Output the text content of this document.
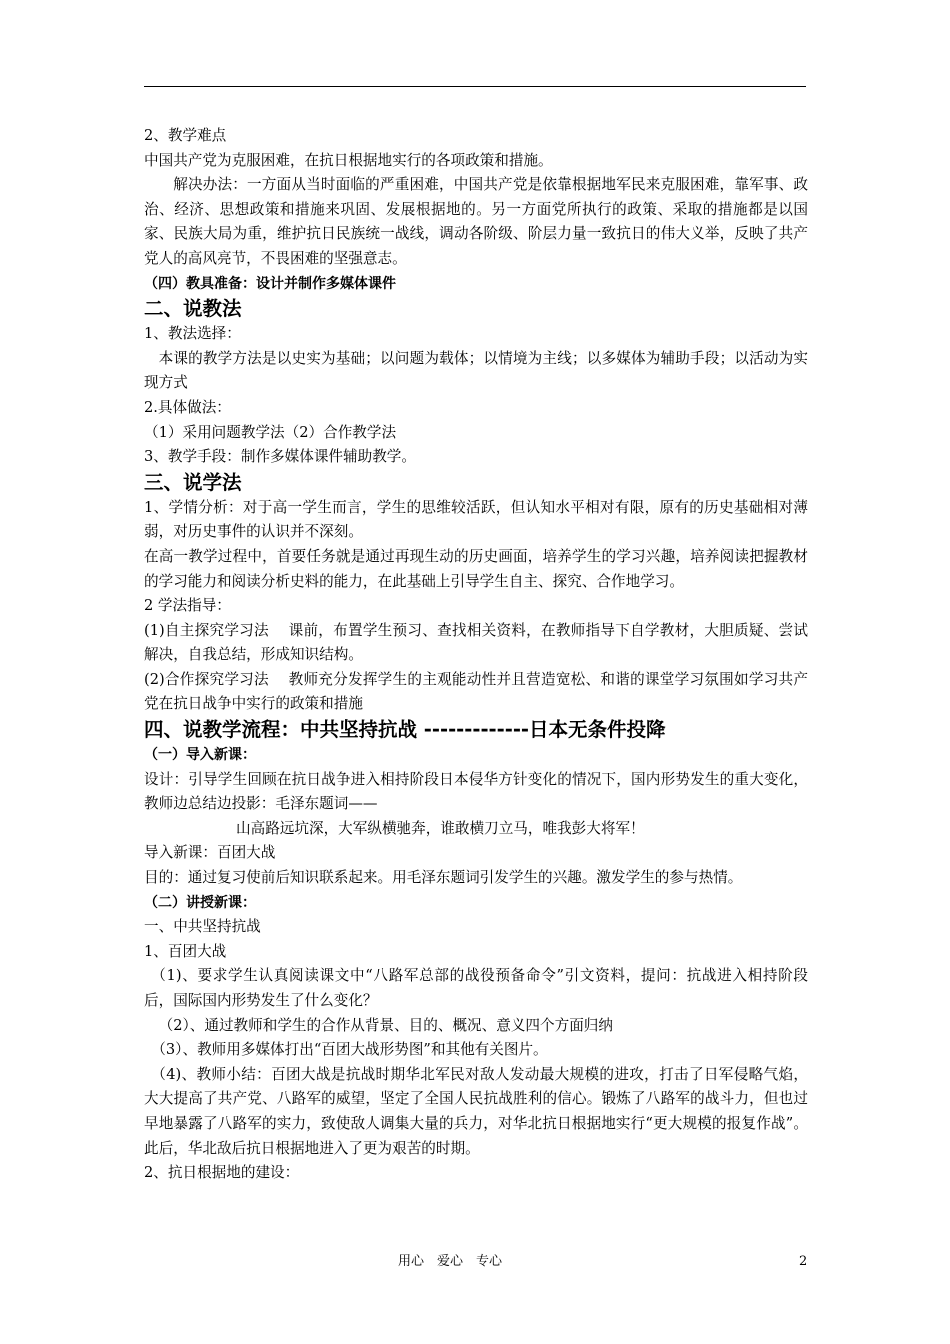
2、教学难点

中国共产党为克服困难，在抗日根据地实行的各项政策和措施。

解决办法：一方面从当时面临的严重困难，中国共产党是依靠根据地军民来克服困难，靠军事、政治、经济、思想政策和措施来巩固、发展根据地的。另一方面党所执行的政策、采取的措施都是以国家、民族大局为重，维护抗日民族统一战线，调动各阶级、阶层力量一致抗日的伟大义举，反映了共产党人的高风亮节，不畏困难的坚强意志。

（四）教具准备：设计并制作多媒体课件

二、说教法

1、教法选择：

本课的教学方法是以史实为基础；以问题为载体；以情境为主线；以多媒体为辅助手段；以活动为实现方式

2.具体做法：

（1）采用问题教学法（2）合作教学法

3、教学手段：制作多媒体课件辅助教学。

三、说学法

1、学情分析：对于高一学生而言，学生的思维较活跃，但认知水平相对有限，原有的历史基础相对薄弱，对历史事件的认识并不深刻。

在高一教学过程中，首要任务就是通过再现生动的历史画面，培养学生的学习兴趣，培养阅读把握教材的学习能力和阅读分析史料的能力，在此基础上引导学生自主、探究、合作地学习。

2 学法指导：

(1)自主探究学习法　 课前，布置学生预习、查找相关资料，在教师指导下自学教材，大胆质疑、尝试解决，自我总结，形成知识结构。

(2)合作探究学习法　 教师充分发挥学生的主观能动性并且营造宽松、和谐的课堂学习氛围如学习共产党在抗日战争中实行的政策和措施

四、说教学流程：中共坚持抗战 -------------日本无条件投降

（一）导入新课：

设计：引导学生回顾在抗日战争进入相持阶段日本侵华方针变化的情况下，国内形势发生的重大变化，教师边总结边投影：毛泽东题词——

山高路远坑深，大军纵横驰奔，谁敢横刀立马，唯我彭大将军！

导入新课：百团大战

目的：通过复习使前后知识联系起来。用毛泽东题词引发学生的兴趣。激发学生的参与热情。

（二）讲授新课：

一、中共坚持抗战

1、百团大战

（1)、要求学生认真阅读课文中“八路军总部的战役预备命令”引文资料，提问：抗战进入相持阶段后，国际国内形势发生了什么变化？

（2）、通过教师和学生的合作从背景、目的、概况、意义四个方面归纳

（3）、教师用多媒体打出“百团大战形势图”和其他有关图片。

（4)、教师小结：百团大战是抗战时期华北军民对敌人发动最大规模的进攻，打击了日军侵略气焰，大大提高了共产党、八路军的威望，坚定了全国人民抗战胜利的信心。锻炼了八路军的战斗力，但也过早地暴露了八路军的实力，致使敌人调集大量的兵力，对华北抗日根据地实行“更大规模的报复作战”。此后，华北敌后抗日根据地进入了更为艰苦的时期。

2、抗日根据地的建设：

用心　爱心　专心	2
